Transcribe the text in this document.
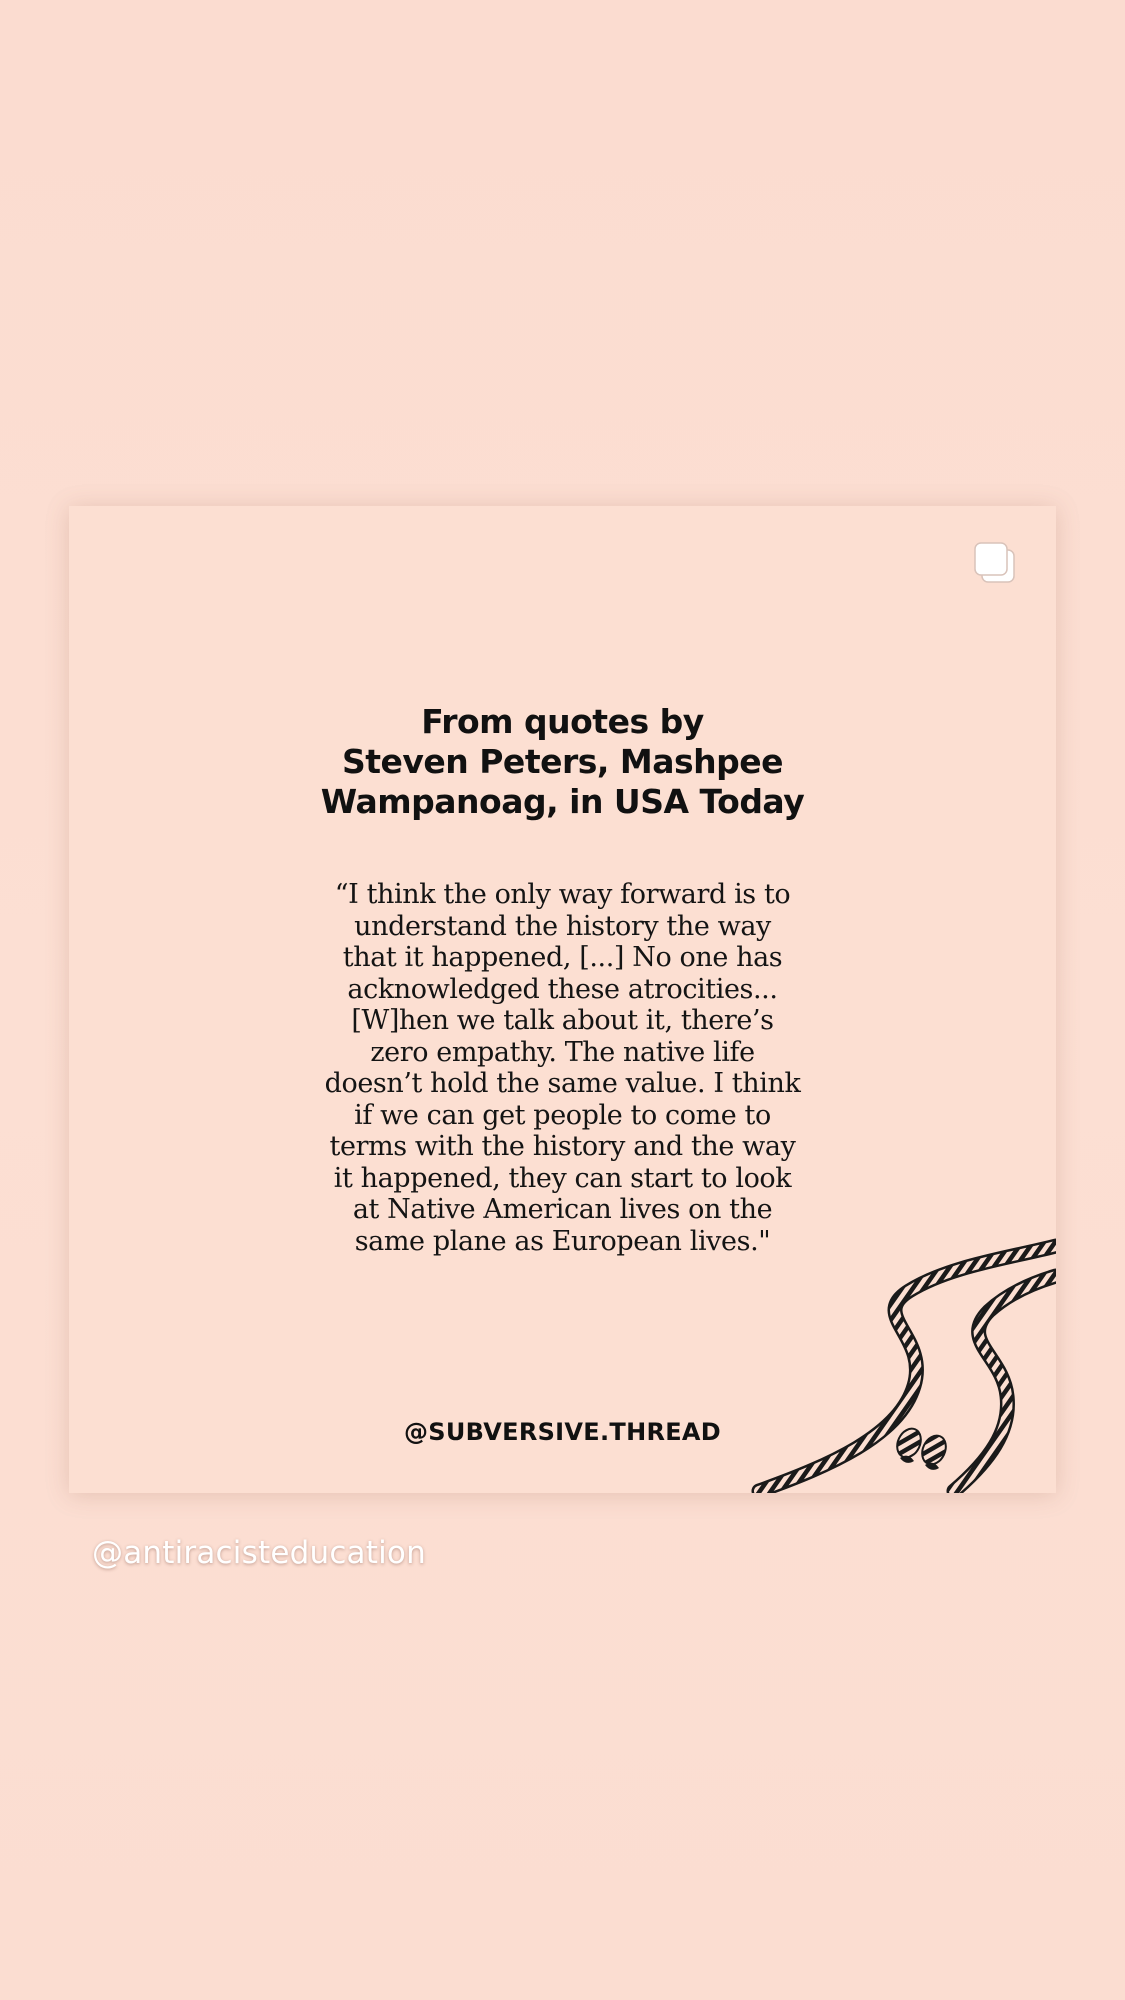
From quotes by
Steven Peters, Mashpee
Wampanoag, in USA Today

“I think the only way forward is to
understand the history the way
that it happened, [...] No one has
acknowledged these atrocities...
[W]hen we talk about it, there’s
zero empathy. The native life
doesn’t hold the same value. I think
if we can get people to come to
terms with the history and the way
it happened, they can start to look
at Native American lives on the
same plane as European lives."

@SUBVERSIVE.THREAD
@antiracisteducation
